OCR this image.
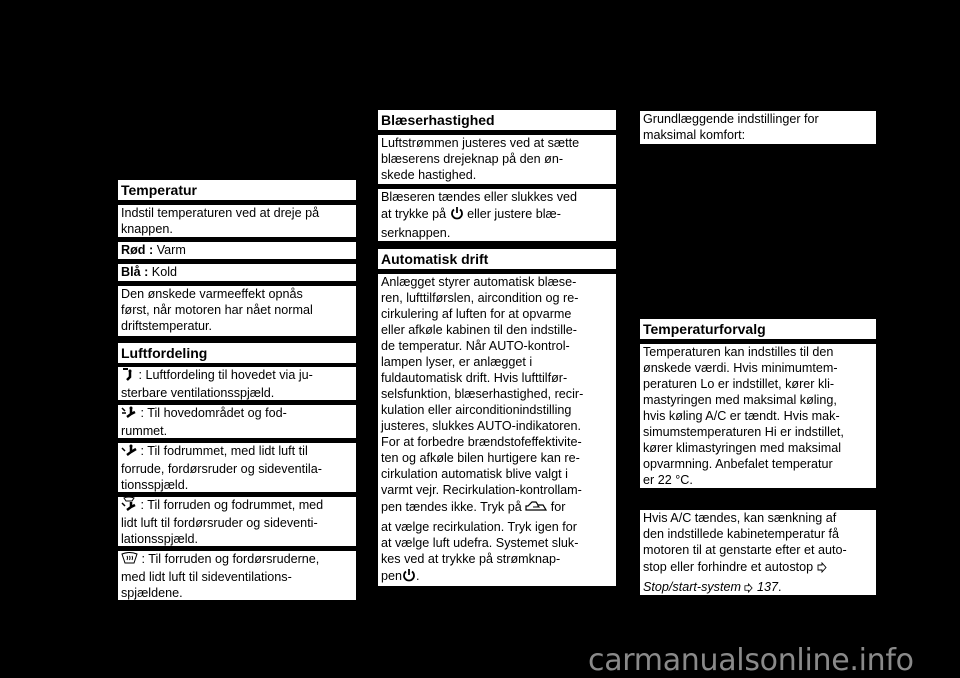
Temperatur
Indstil temperaturen ved at dreje på
knappen.
Rød : Varm
Blå : Kold
Den ønskede varmeeffekt opnås
først, når motoren har nået normal
driftstemperatur.
Luftfordeling
: Luftfordeling til hovedet via ju-
sterbare ventilationsspjæld.
: Til hovedområdet og fod-
rummet.
: Til fodrummet, med lidt luft til
forrude, fordørsruder og sideventila-
tionsspjæld.
: Til forruden og fodrummet, med
lidt luft til fordørsruder og sideventi-
lationsspjæld.
: Til forruden og fordørsruderne,
med lidt luft til sideventilations-
spjældene.
Blæserhastighed
Luftstrømmen justeres ved at sætte
blæserens drejeknap på den øn-
skede hastighed.
Blæseren tændes eller slukkes ved
at trykke på eller justere blæ-
serknappen.
Automatisk drift
Anlægget styrer automatisk blæse-
ren, lufttilførslen, aircondition og re-
cirkulering af luften for at opvarme
eller afkøle kabinen til den indstille-
de temperatur. Når AUTO-kontrol-
lampen lyser, er anlægget i
fuldautomatisk drift. Hvis lufttilfør-
selsfunktion, blæserhastighed, recir-
kulation eller airconditionindstilling
justeres, slukkes AUTO-indikatoren.
For at forbedre brændstofeffektivite-
ten og afkøle bilen hurtigere kan re-
cirkulation automatisk blive valgt i
varmt vejr. Recirkulation-kontrollam-
pen tændes ikke. Tryk på for
at vælge recirkulation. Tryk igen for
at vælge luft udefra. Systemet sluk-
kes ved at trykke på strømknap-
pen .
Grundlæggende indstillinger for
maksimal komfort:
Temperaturforvalg
Temperaturen kan indstilles til den
ønskede værdi. Hvis minimumtem-
peraturen Lo er indstillet, kører kli-
mastyringen med maksimal køling,
hvis køling A/C er tændt. Hvis mak-
simumstemperaturen Hi er indstillet,
kører klimastyringen med maksimal
opvarmning. Anbefalet temperatur
er 22 °C.
Hvis A/C tændes, kan sænkning af
den indstillede kabinetemperatur få
motoren til at genstarte efter et auto-
stop eller forhindre et autostop
Stop/start-system 137.
carmanualsonline.info
